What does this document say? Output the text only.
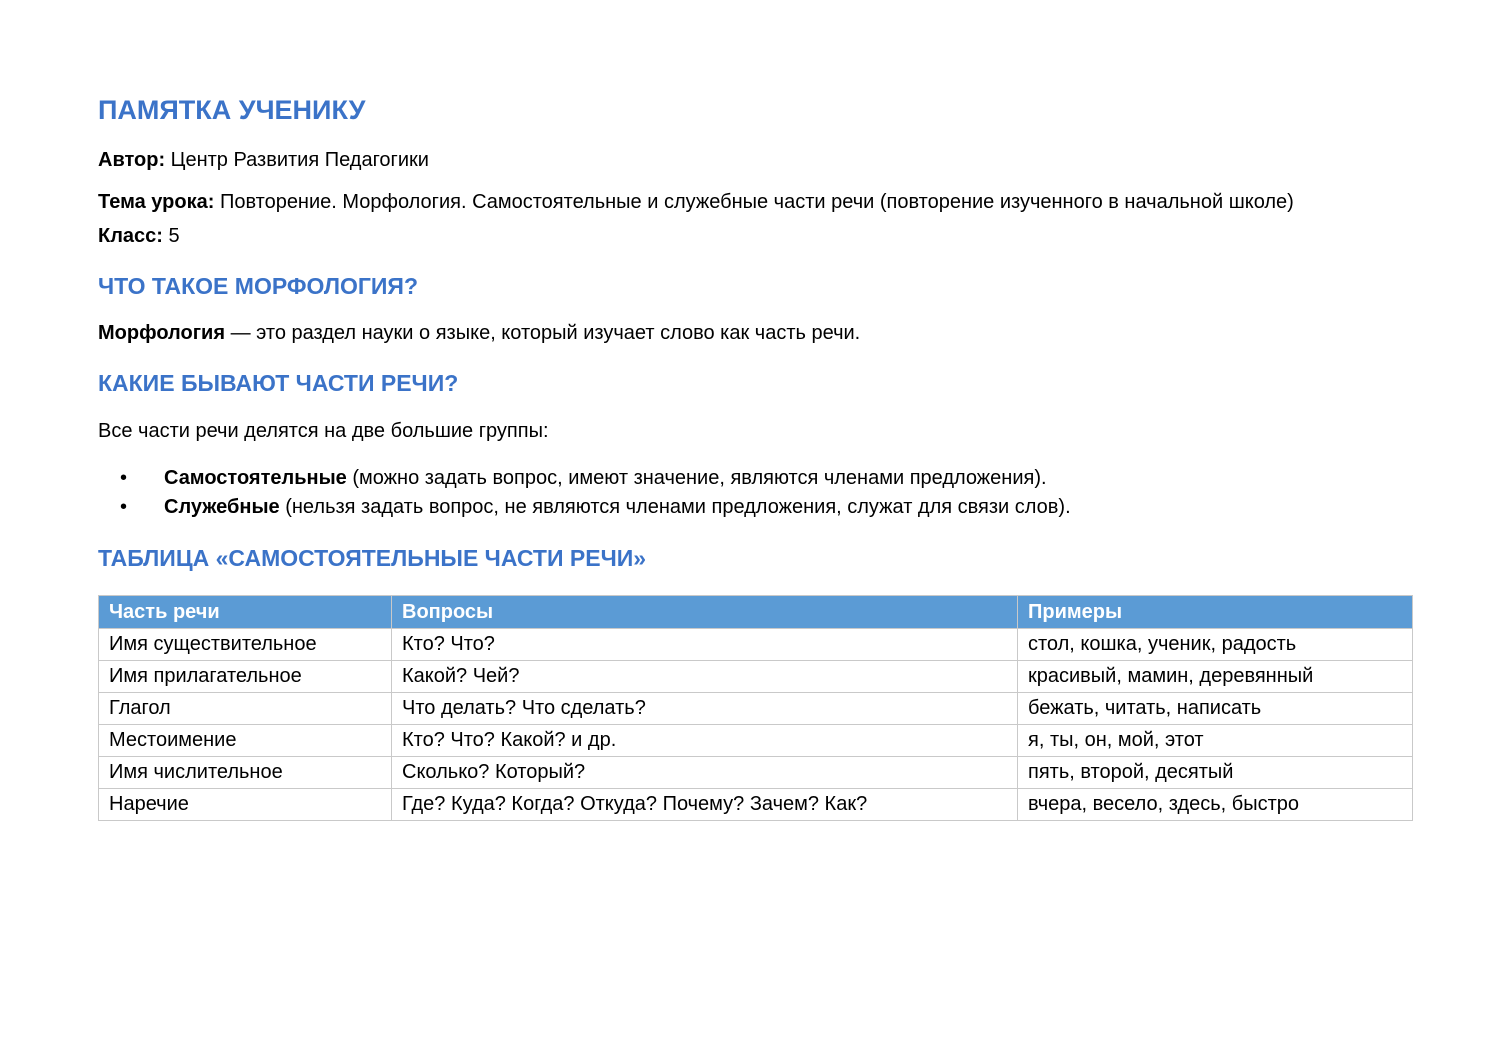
ПАМЯТКА УЧЕНИКУ

Автор: Центр Развития Педагогики

Тема урока: Повторение. Морфология. Самостоятельные и служебные части речи (повторение изученного в начальной школе)

Класс: 5

ЧТО ТАКОЕ МОРФОЛОГИЯ?

Морфология — это раздел науки о языке, который изучает слово как часть речи.

КАКИЕ БЫВАЮТ ЧАСТИ РЕЧИ?

Все части речи делятся на две большие группы:

• Самостоятельные (можно задать вопрос, имеют значение, являются членами предложения).
• Служебные (нельзя задать вопрос, не являются членами предложения, служат для связи слов).
ТАБЛИЦА «САМОСТОЯТЕЛЬНЫЕ ЧАСТИ РЕЧИ»
Часть речи	Вопросы	Примеры
Имя существительное	Кто? Что?	стол, кошка, ученик, радость
Имя прилагательное	Какой? Чей?	красивый, мамин, деревянный
Глагол	Что делать? Что сделать?	бежать, читать, написать
Местоимение	Кто? Что? Какой? и др.	я, ты, он, мой, этот
Имя числительное	Сколько? Который?	пять, второй, десятый
Наречие	Где? Куда? Когда? Откуда? Почему? Зачем? Как?	вчера, весело, здесь, быстро
